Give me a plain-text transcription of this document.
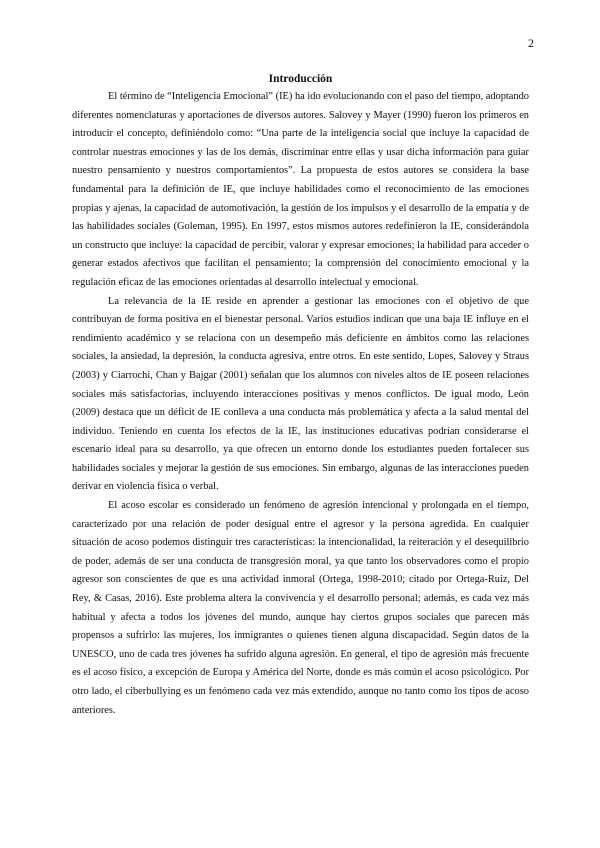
2
Introducción

El término de “Inteligencia Emocional” (IE) ha ido evolucionando con el paso del tiempo, adoptando diferentes nomenclaturas y aportaciones de diversos autores. Salovey y Mayer (1990) fueron los primeros en introducir el concepto, definiéndolo como: “Una parte de la inteligencia social que incluye la capacidad de controlar nuestras emociones y las de los demás, discriminar entre ellas y usar dicha información para guiar nuestro pensamiento y nuestros comportamientos”. La propuesta de estos autores se considera la base fundamental para la definición de IE, que incluye habilidades como el reconocimiento de las emociones propias y ajenas, la capacidad de automotivación, la gestión de los impulsos y el desarrollo de la empatía y de las habilidades sociales (Goleman, 1995). En 1997, estos mismos autores redefinieron la IE, considerándola un constructo que incluye: la capacidad de percibir, valorar y expresar emociones; la habilidad para acceder o generar estados afectivos que facilitan el pensamiento; la comprensión del conocimiento emocional y la regulación eficaz de las emociones orientadas al desarrollo intelectual y emocional.

La relevancia de la IE reside en aprender a gestionar las emociones con el objetivo de que contribuyan de forma positiva en el bienestar personal. Varios estudios indican que una baja IE influye en el rendimiento académico y se relaciona con un desempeño más deficiente en ámbitos como las relaciones sociales, la ansiedad, la depresión, la conducta agresiva, entre otros. En este sentido, Lopes, Salovey y Straus (2003) y Ciarrochi, Chan y Bajgar (2001) señalan que los alumnos con niveles altos de IE poseen relaciones sociales más satisfactorias, incluyendo interacciones positivas y menos conflictos. De igual modo, León (2009) destaca que un déficit de IE conlleva a una conducta más problemática y afecta a la salud mental del individuo. Teniendo en cuenta los efectos de la IE, las instituciones educativas podrían considerarse el escenario ideal para su desarrollo, ya que ofrecen un entorno donde los estudiantes pueden fortalecer sus habilidades sociales y mejorar la gestión de sus emociones. Sin embargo, algunas de las interacciones pueden derivar en violencia física o verbal.

El acoso escolar es considerado un fenómeno de agresión intencional y prolongada en el tiempo, caracterizado por una relación de poder desigual entre el agresor y la persona agredida. En cualquier situación de acoso podemos distinguir tres características: la intencionalidad, la reiteración y el desequilibrio de poder, además de ser una conducta de transgresión moral, ya que tanto los observadores como el propio agresor son conscientes de que es una actividad inmoral (Ortega, 1998-2010; citado por Ortega-Ruiz, Del Rey, & Casas, 2016). Este problema altera la convivencia y el desarrollo personal; además, es cada vez más habitual y afecta a todos los jóvenes del mundo, aunque hay ciertos grupos sociales que parecen más propensos a sufrirlo: las mujeres, los inmigrantes o quienes tienen alguna discapacidad. Según datos de la UNESCO, uno de cada tres jóvenes ha sufrido alguna agresión. En general, el tipo de agresión más frecuente es el acoso físico, a excepción de Europa y América del Norte, donde es más común el acoso psicológico. Por otro lado, el ciberbullying es un fenómeno cada vez más extendido, aunque no tanto como los tipos de acoso anteriores.
